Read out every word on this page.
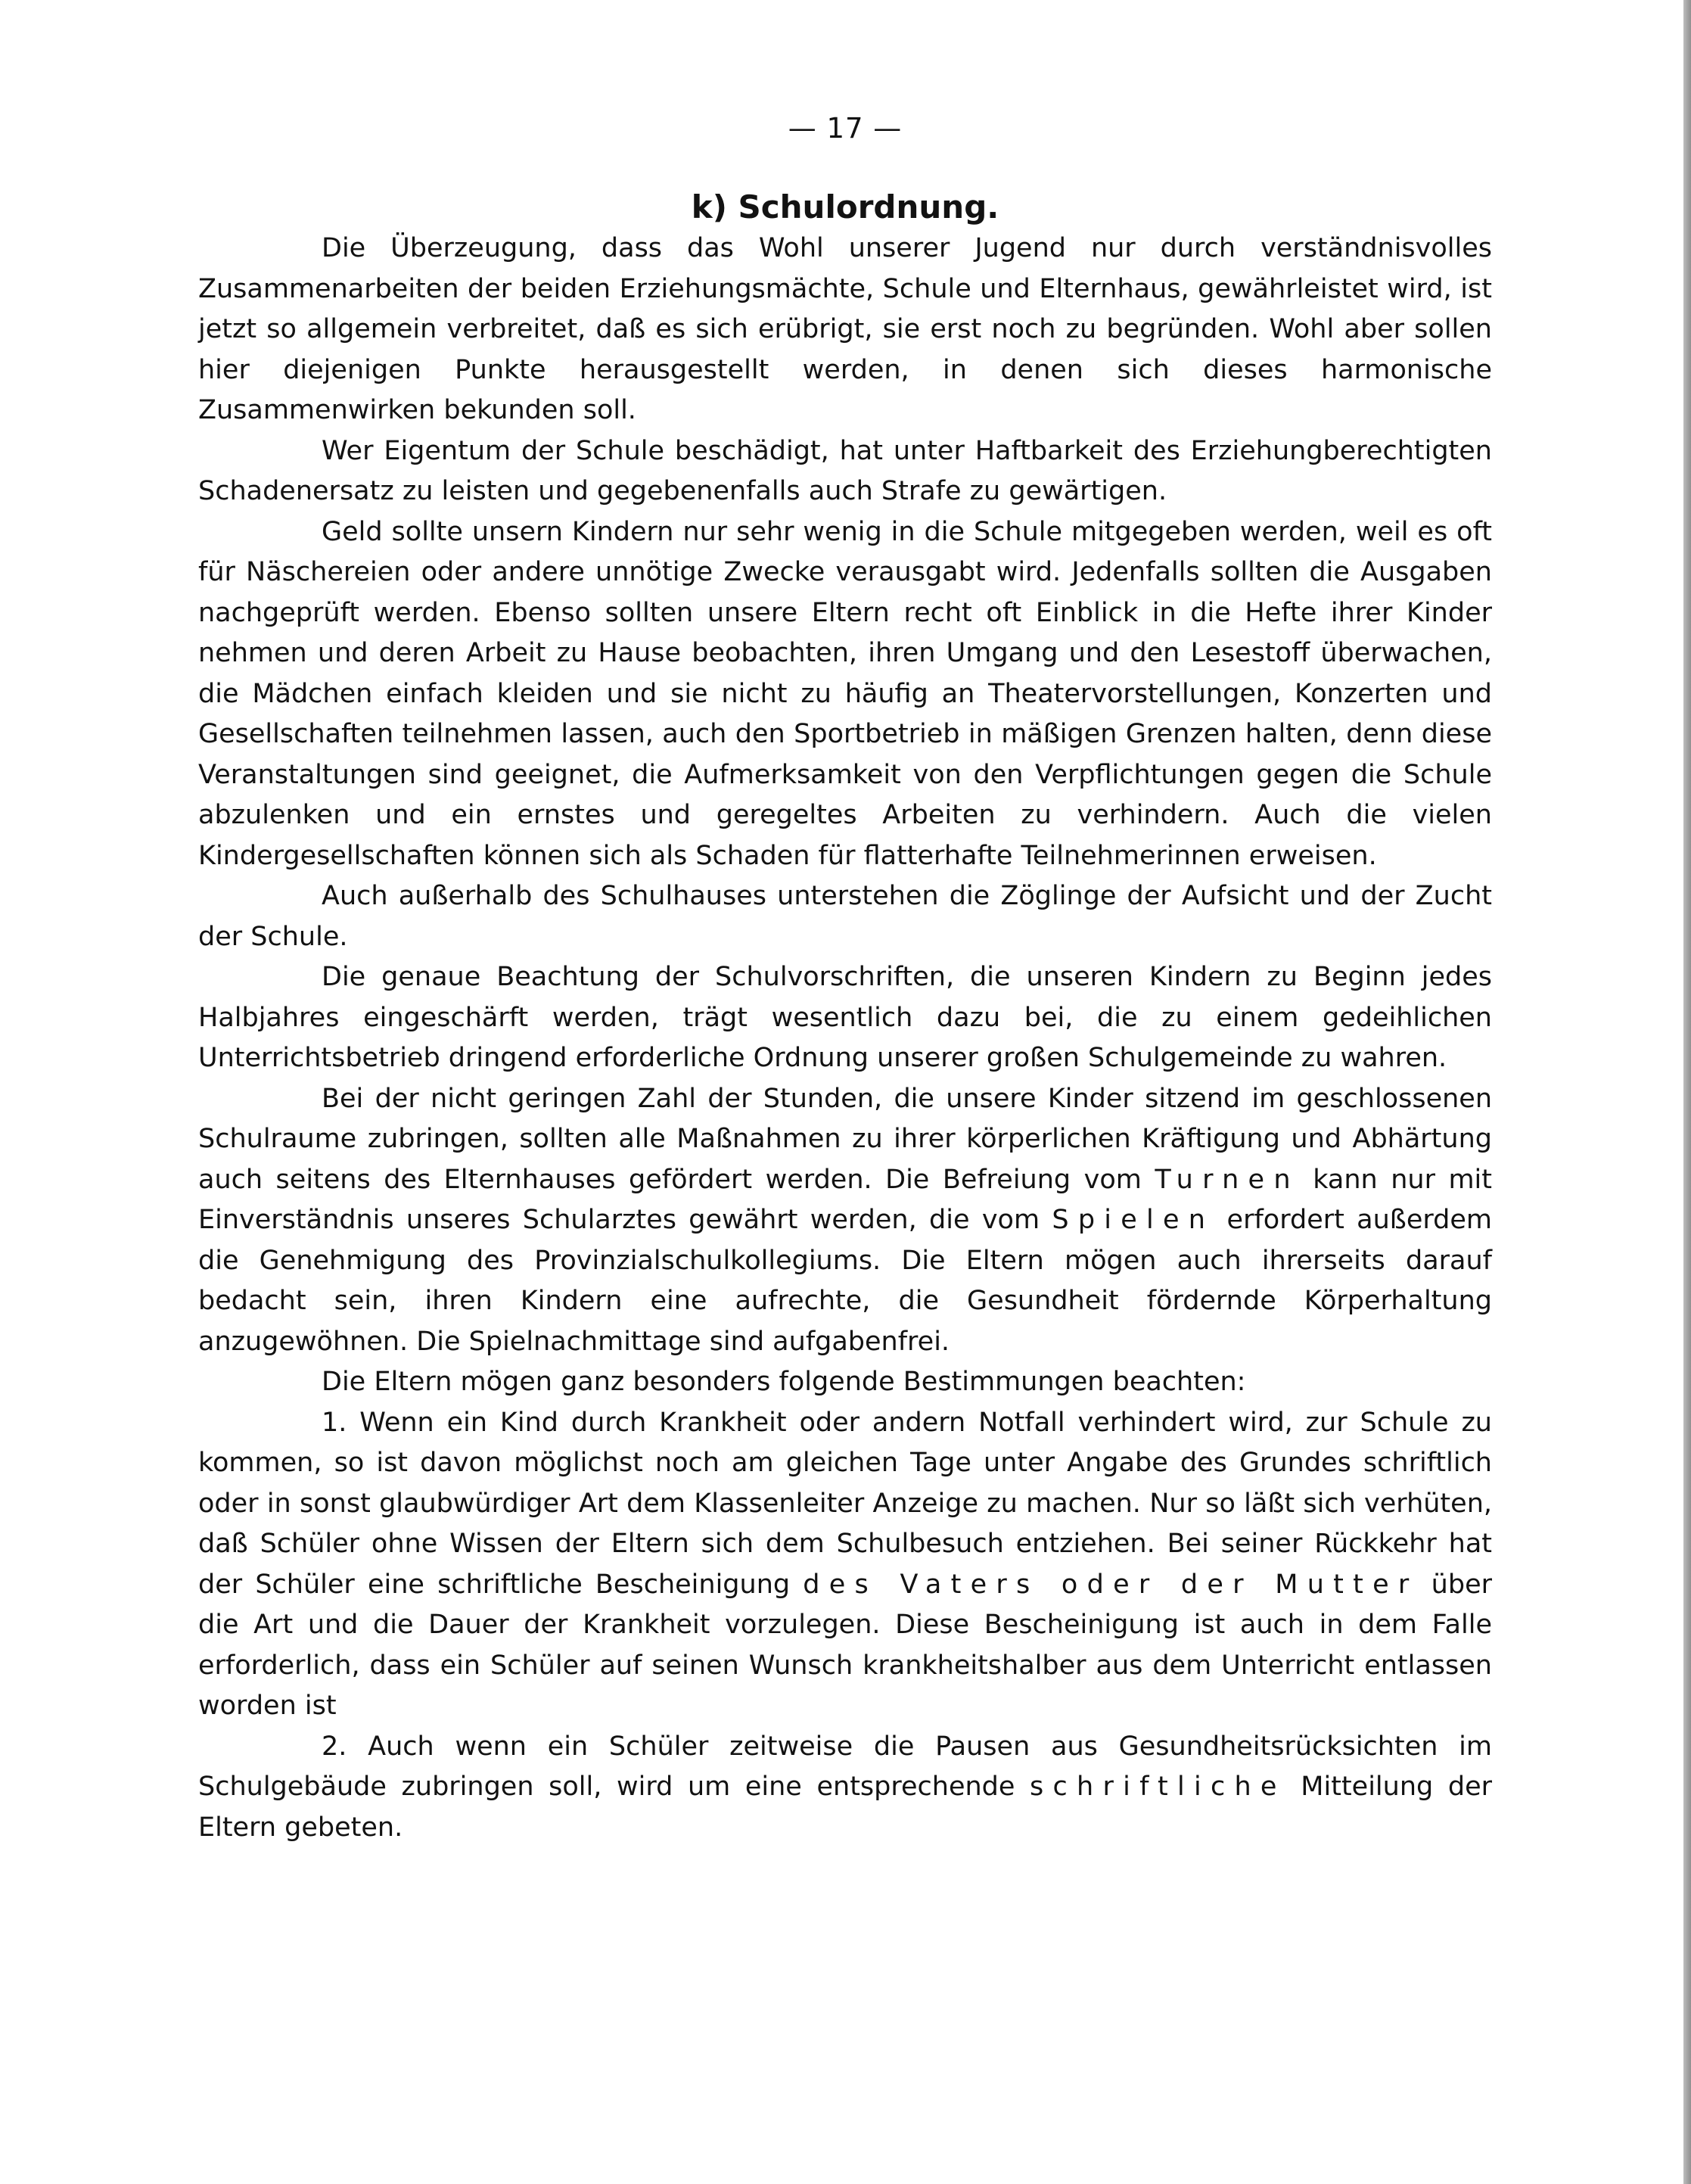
— 17 —
k) Schulordnung.

Die Überzeugung, dass das Wohl unserer Jugend nur durch verständnisvolles Zusammenarbeiten der beiden Erziehungsmächte, Schule und Elternhaus, gewährleistet wird, ist jetzt so allgemein verbreitet, daß es sich erübrigt, sie erst noch zu begründen. Wohl aber sollen hier diejenigen Punkte herausgestellt werden, in denen sich dieses harmonische Zusammenwirken bekunden soll.

Wer Eigentum der Schule beschädigt, hat unter Haftbarkeit des Erziehungberechtigten Schadenersatz zu leisten und gegebenenfalls auch Strafe zu gewärtigen.

Geld sollte unsern Kindern nur sehr wenig in die Schule mitgegeben werden, weil es oft für Näschereien oder andere unnötige Zwecke verausgabt wird. Jedenfalls sollten die Ausgaben nachgeprüft werden. Ebenso sollten unsere Eltern recht oft Einblick in die Hefte ihrer Kinder nehmen und deren Arbeit zu Hause beobachten, ihren Umgang und den Lesestoff überwachen, die Mädchen einfach kleiden und sie nicht zu häufig an Theatervorstellungen, Konzerten und Gesellschaften teilnehmen lassen, auch den Sportbetrieb in mäßigen Grenzen halten, denn diese Veranstaltungen sind geeignet, die Aufmerksamkeit von den Verpflichtungen gegen die Schule abzulenken und ein ernstes und geregeltes Arbeiten zu verhindern. Auch die vielen Kindergesellschaften können sich als Schaden für flatterhafte Teilnehmerinnen erweisen.

Auch außerhalb des Schulhauses unterstehen die Zöglinge der Aufsicht und der Zucht der Schule.

Die genaue Beachtung der Schulvorschriften, die unseren Kindern zu Beginn jedes Halbjahres eingeschärft werden, trägt wesentlich dazu bei, die zu einem gedeihlichen Unterrichtsbetrieb dringend erforderliche Ordnung unserer großen Schulgemeinde zu wahren.

Bei der nicht geringen Zahl der Stunden, die unsere Kinder sitzend im geschlossenen Schulraume zubringen, sollten alle Maßnahmen zu ihrer körperlichen Kräftigung und Abhärtung auch seitens des Elternhauses gefördert werden. Die Befreiung vom Turnen kann nur mit Einverständnis unseres Schularztes gewährt werden, die vom Spielen erfordert außerdem die Genehmigung des Provinzialschulkollegiums. Die Eltern mögen auch ihrerseits darauf bedacht sein, ihren Kindern eine aufrechte, die Gesundheit fördernde Körperhaltung anzugewöhnen. Die Spielnachmittage sind aufgabenfrei.

Die Eltern mögen ganz besonders folgende Bestimmungen beachten:

1. Wenn ein Kind durch Krankheit oder andern Notfall verhindert wird, zur Schule zu kommen, so ist davon möglichst noch am gleichen Tage unter Angabe des Grundes schriftlich oder in sonst glaubwürdiger Art dem Klassenleiter Anzeige zu machen. Nur so läßt sich verhüten, daß Schüler ohne Wissen der Eltern sich dem Schulbesuch entziehen. Bei seiner Rückkehr hat der Schüler eine schriftliche Bescheinigung des Vaters oder der Mutter über die Art und die Dauer der Krankheit vorzulegen. Diese Bescheinigung ist auch in dem Falle erforderlich, dass ein Schüler auf seinen Wunsch krankheitshalber aus dem Unterricht entlassen worden ist

2. Auch wenn ein Schüler zeitweise die Pausen aus Gesundheitsrücksichten im Schulgebäude zubringen soll, wird um eine entsprechende schriftliche Mitteilung der Eltern gebeten.
